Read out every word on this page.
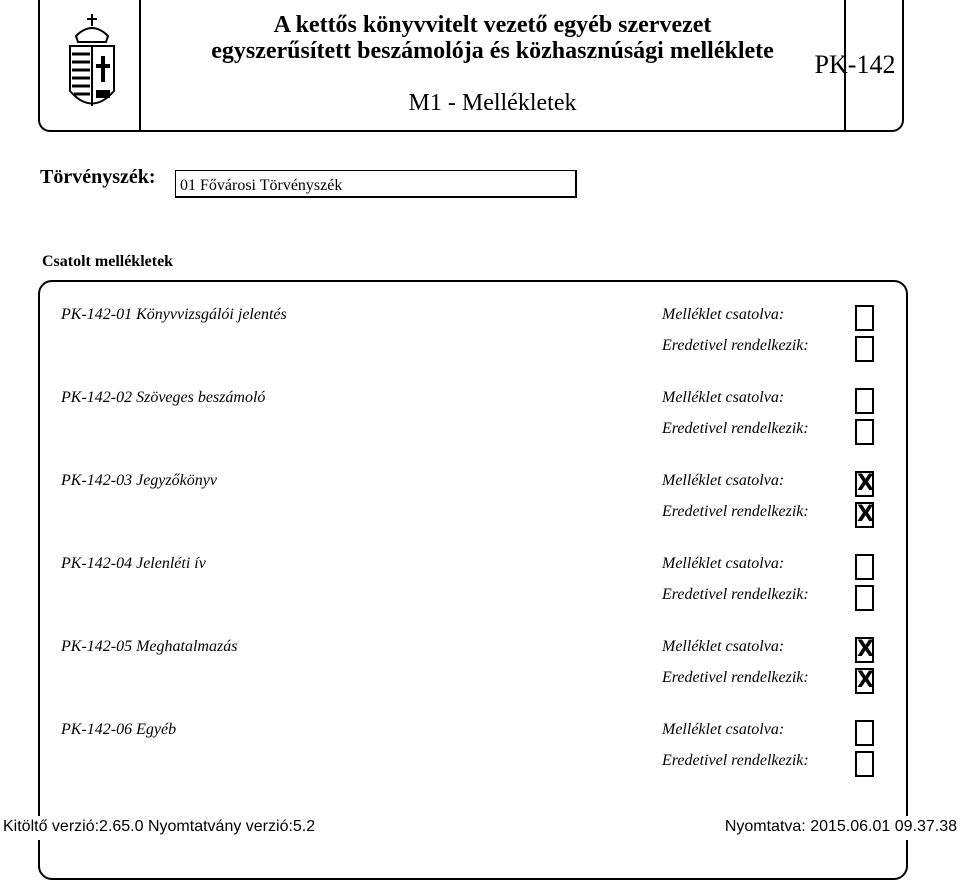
A kettős könyvvitelt vezető egyéb szervezet
egyszerűsített beszámolója és közhasznúsági melléklete
M1 - Mellékletek
PK-142
Törvényszék:	01 Fővárosi Törvényszék
Csatolt mellékletek
PK-142-01 Könyvvizsgálói jelentés	Melléklet csatolva:
Eredetivel rendelkezik:
PK-142-02 Szöveges beszámoló	Melléklet csatolva:
Eredetivel rendelkezik:
PK-142-03 Jegyzőkönyv	Melléklet csatolva:	X
Eredetivel rendelkezik: X
PK-142-04 Jelenléti ív	Melléklet csatolva:
Eredetivel rendelkezik:
PK-142-05 Meghatalmazás	Melléklet csatolva:	X
Eredetivel rendelkezik: X
PK-142-06 Egyéb	Melléklet csatolva:
Eredetivel rendelkezik:
Kitöltő verzió:2.65.0 Nyomtatvány verzió:5.2	Nyomtatva: 2015.06.01 09.37.38
